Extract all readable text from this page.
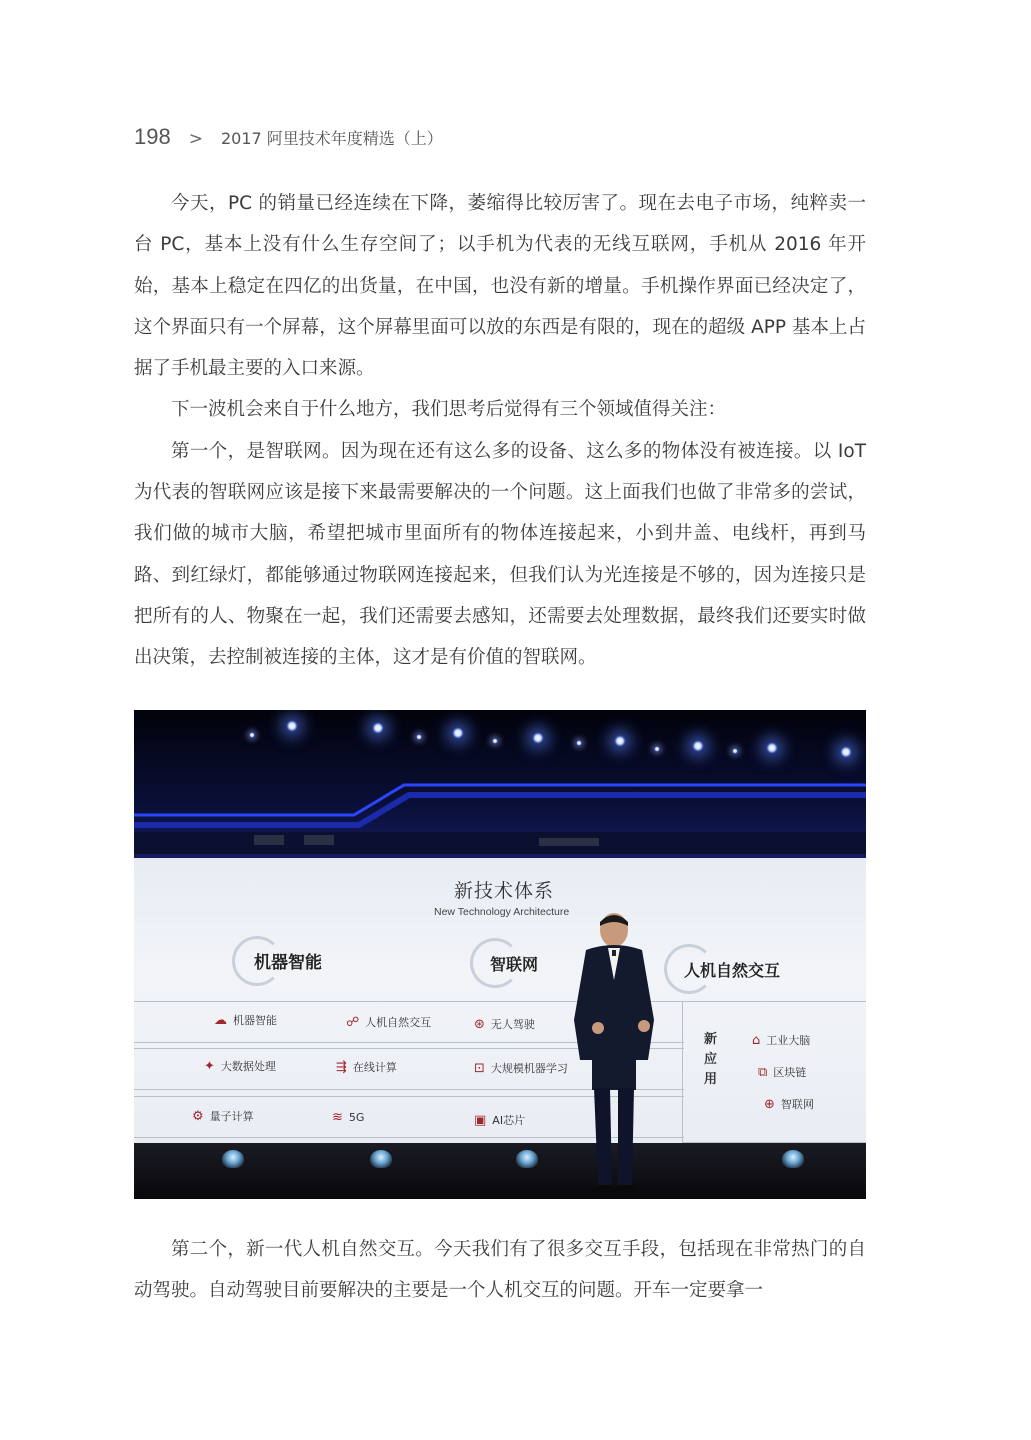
198 > 2017 阿里技术年度精选（上）

今天，PC 的销量已经连续在下降，萎缩得比较厉害了。现在去电子市场，纯粹卖一台 PC，基本上没有什么生存空间了；以手机为代表的无线互联网，手机从 2016 年开始，基本上稳定在四亿的出货量，在中国，也没有新的增量。手机操作界面已经决定了，这个界面只有一个屏幕，这个屏幕里面可以放的东西是有限的，现在的超级 APP 基本上占据了手机最主要的入口来源。

下一波机会来自于什么地方，我们思考后觉得有三个领域值得关注：

第一个，是智联网。因为现在还有这么多的设备、这么多的物体没有被连接。以 IoT 为代表的智联网应该是接下来最需要解决的一个问题。这上面我们也做了非常多的尝试，我们做的城市大脑，希望把城市里面所有的物体连接起来，小到井盖、电线杆，再到马路、到红绿灯，都能够通过物联网连接起来，但我们认为光连接是不够的，因为连接只是把所有的人、物聚在一起，我们还需要去感知，还需要去处理数据，最终我们还要实时做出决策，去控制被连接的主体，这才是有价值的智联网。

新技术体系
New Technology Architecture
机器智能	智联网	人机自然交互
☁ 机器智能	☍ 人机自然交互	⊛ 无人驾驶
✦ 大数据处理	⇶ 在线计算	⊡ 大规模机器学习
⚙ 量子计算	≋ 5G	▣ AI芯片
新应用
⌂ 工业大脑
⧉ 区块链
⊕ 智联网

第二个，新一代人机自然交互。今天我们有了很多交互手段，包括现在非常热门的自动驾驶。自动驾驶目前要解决的主要是一个人机交互的问题。开车一定要拿一
